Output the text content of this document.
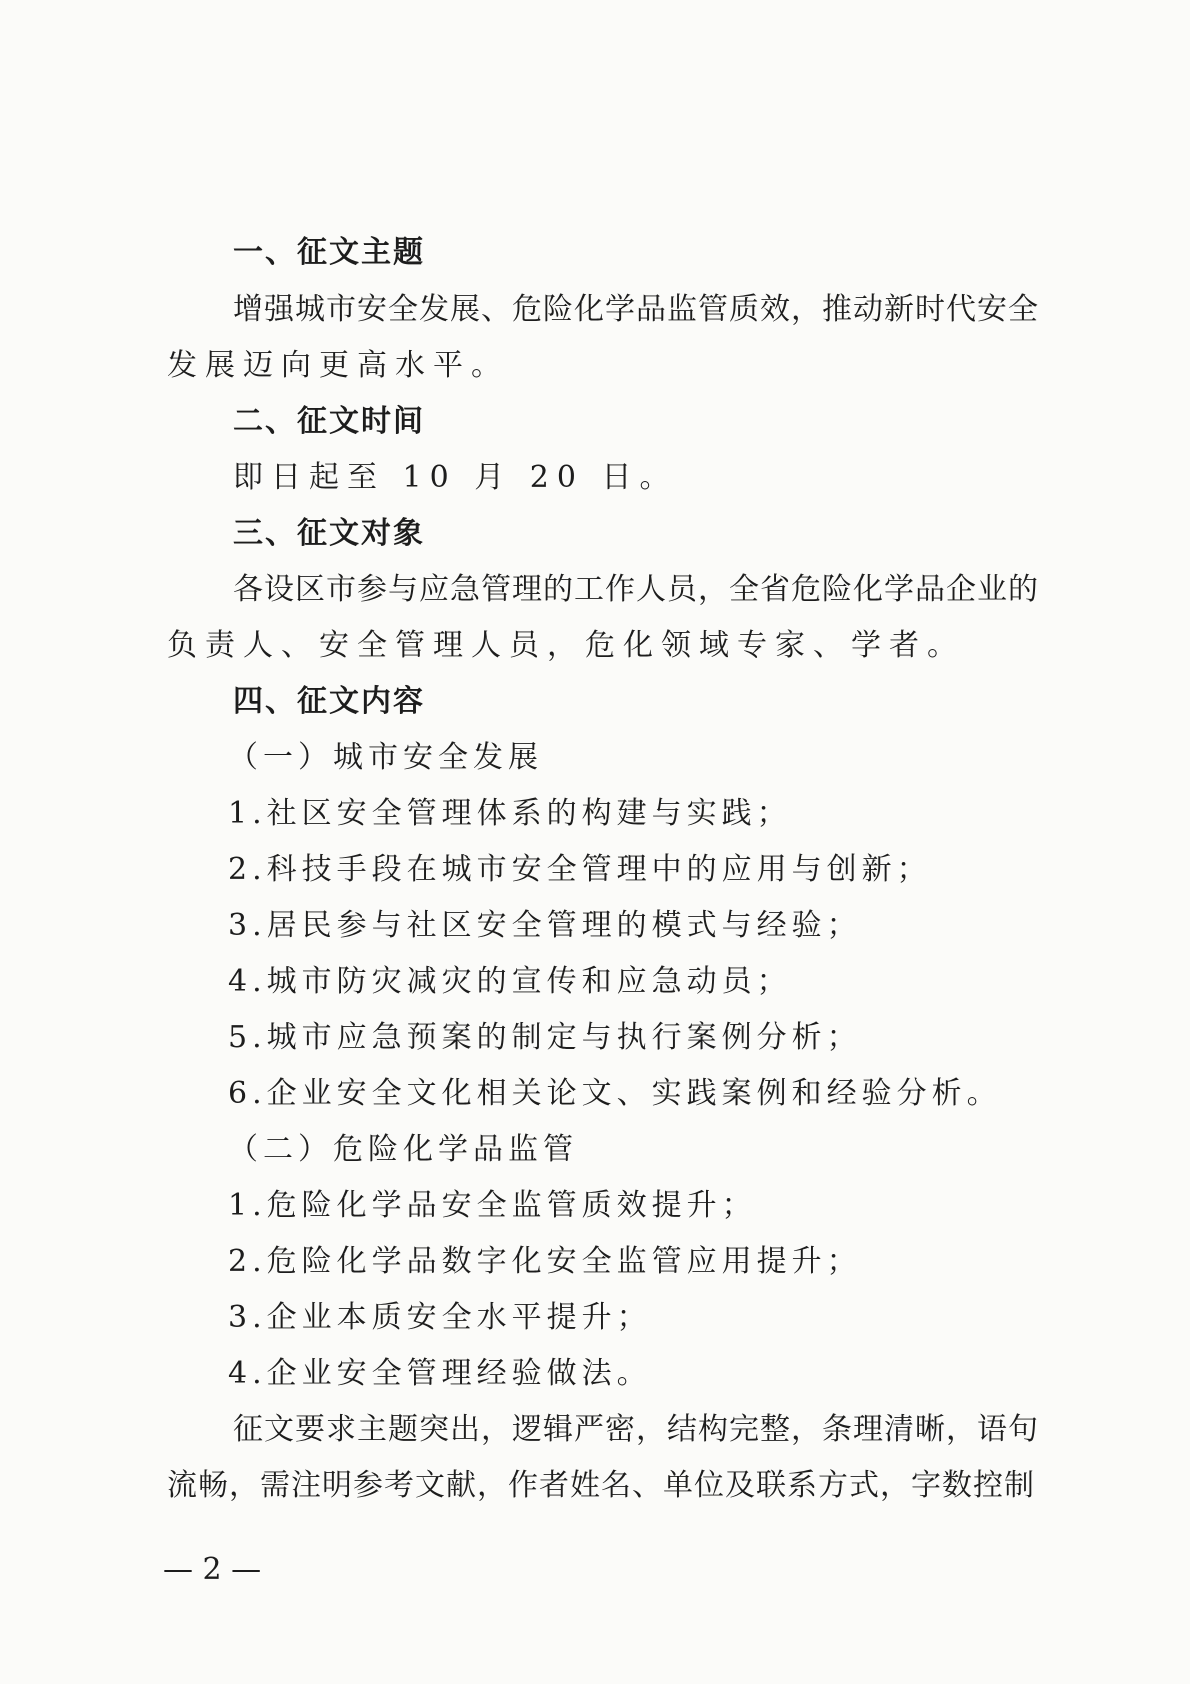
一、征文主题
增强城市安全发展、危险化学品监管质效，推动新时代安全
发展迈向更高水平。
二、征文时间
即日起至 10 月 20 日。
三、征文对象
各设区市参与应急管理的工作人员，全省危险化学品企业的
负责人、安全管理人员，危化领域专家、学者。
四、征文内容
（一）城市安全发展
1.社区安全管理体系的构建与实践；
2.科技手段在城市安全管理中的应用与创新；
3.居民参与社区安全管理的模式与经验；
4.城市防灾减灾的宣传和应急动员；
5.城市应急预案的制定与执行案例分析；
6.企业安全文化相关论文、实践案例和经验分析。
（二）危险化学品监管
1.危险化学品安全监管质效提升；
2.危险化学品数字化安全监管应用提升；
3.企业本质安全水平提升；
4.企业安全管理经验做法。
征文要求主题突出，逻辑严密，结构完整，条理清晰，语句
流畅，需注明参考文献，作者姓名、单位及联系方式，字数控制
— 2 —
